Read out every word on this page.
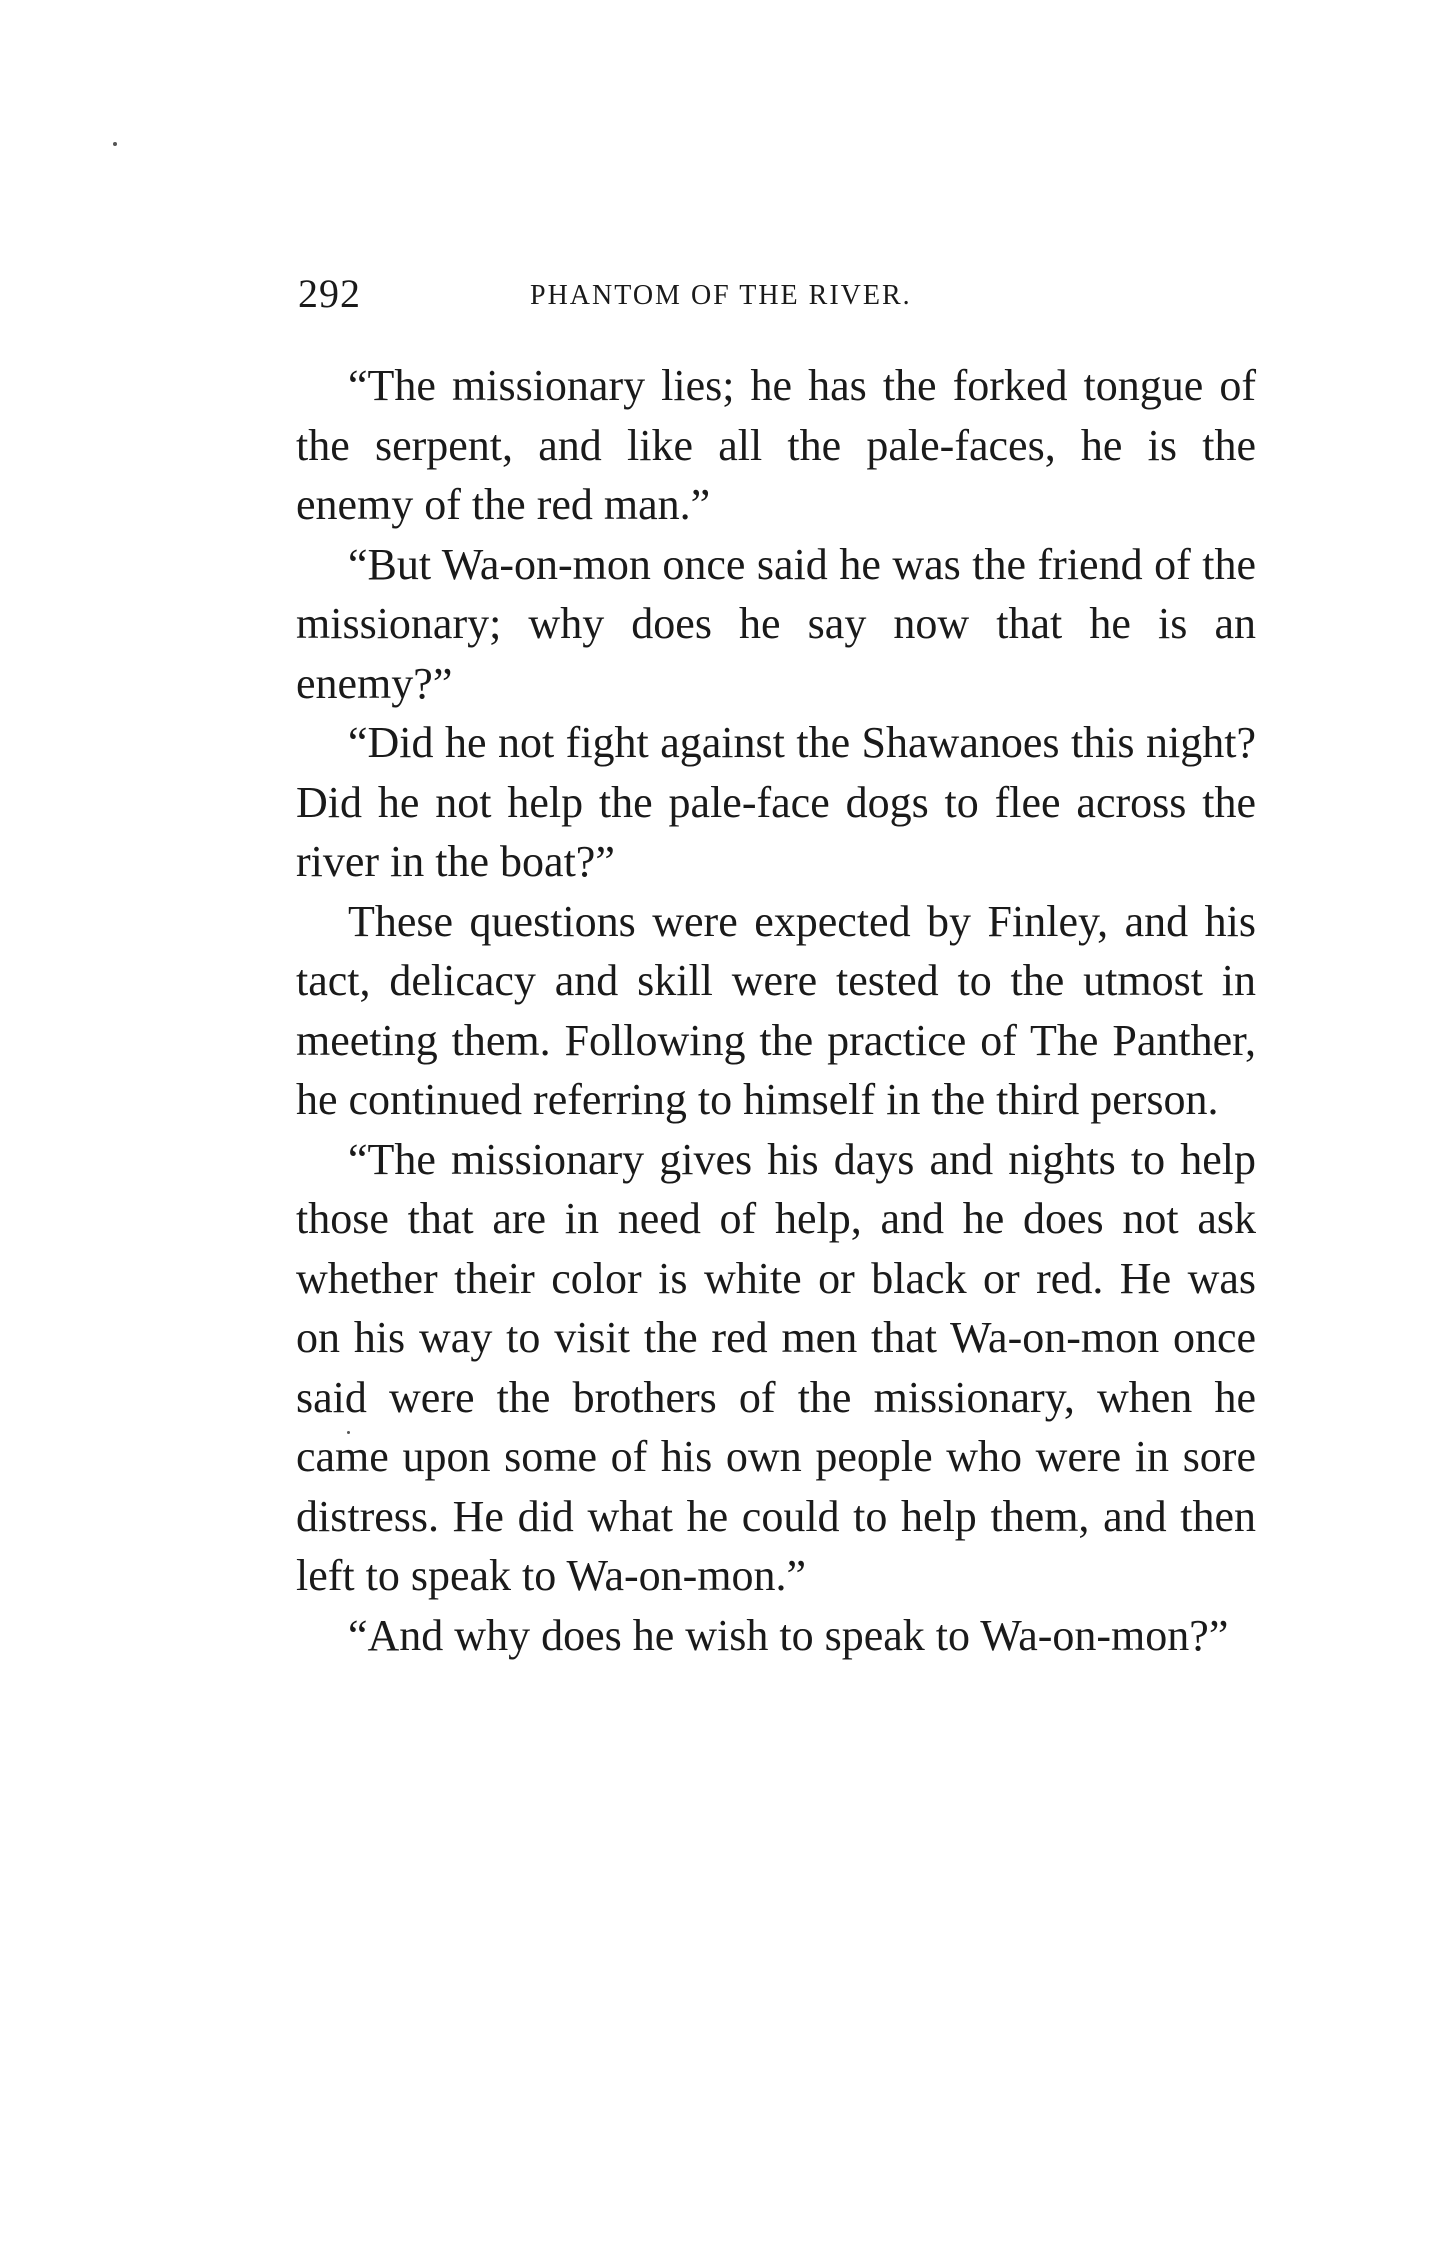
292	PHANTOM OF THE RIVER.

“The missionary lies; he has the forked tongue of the serpent, and like all the pale-faces, he is the enemy of the red man.”

“But Wa-on-mon once said he was the friend of the missionary; why does he say now that he is an enemy?”

“Did he not fight against the Shawanoes this night? Did he not help the pale-face dogs to flee across the river in the boat?”

These questions were expected by Finley, and his tact, delicacy and skill were tested to the utmost in meeting them. Following the practice of The Panther, he continued referring to himself in the third person.

“The missionary gives his days and nights to help those that are in need of help, and he does not ask whether their color is white or black or red. He was on his way to visit the red men that Wa-on-mon once said were the brothers of the missionary, when he came upon some of his own people who were in sore distress. He did what he could to help them, and then left to speak to Wa-on-mon.”

“And why does he wish to speak to Wa-on-mon?”
